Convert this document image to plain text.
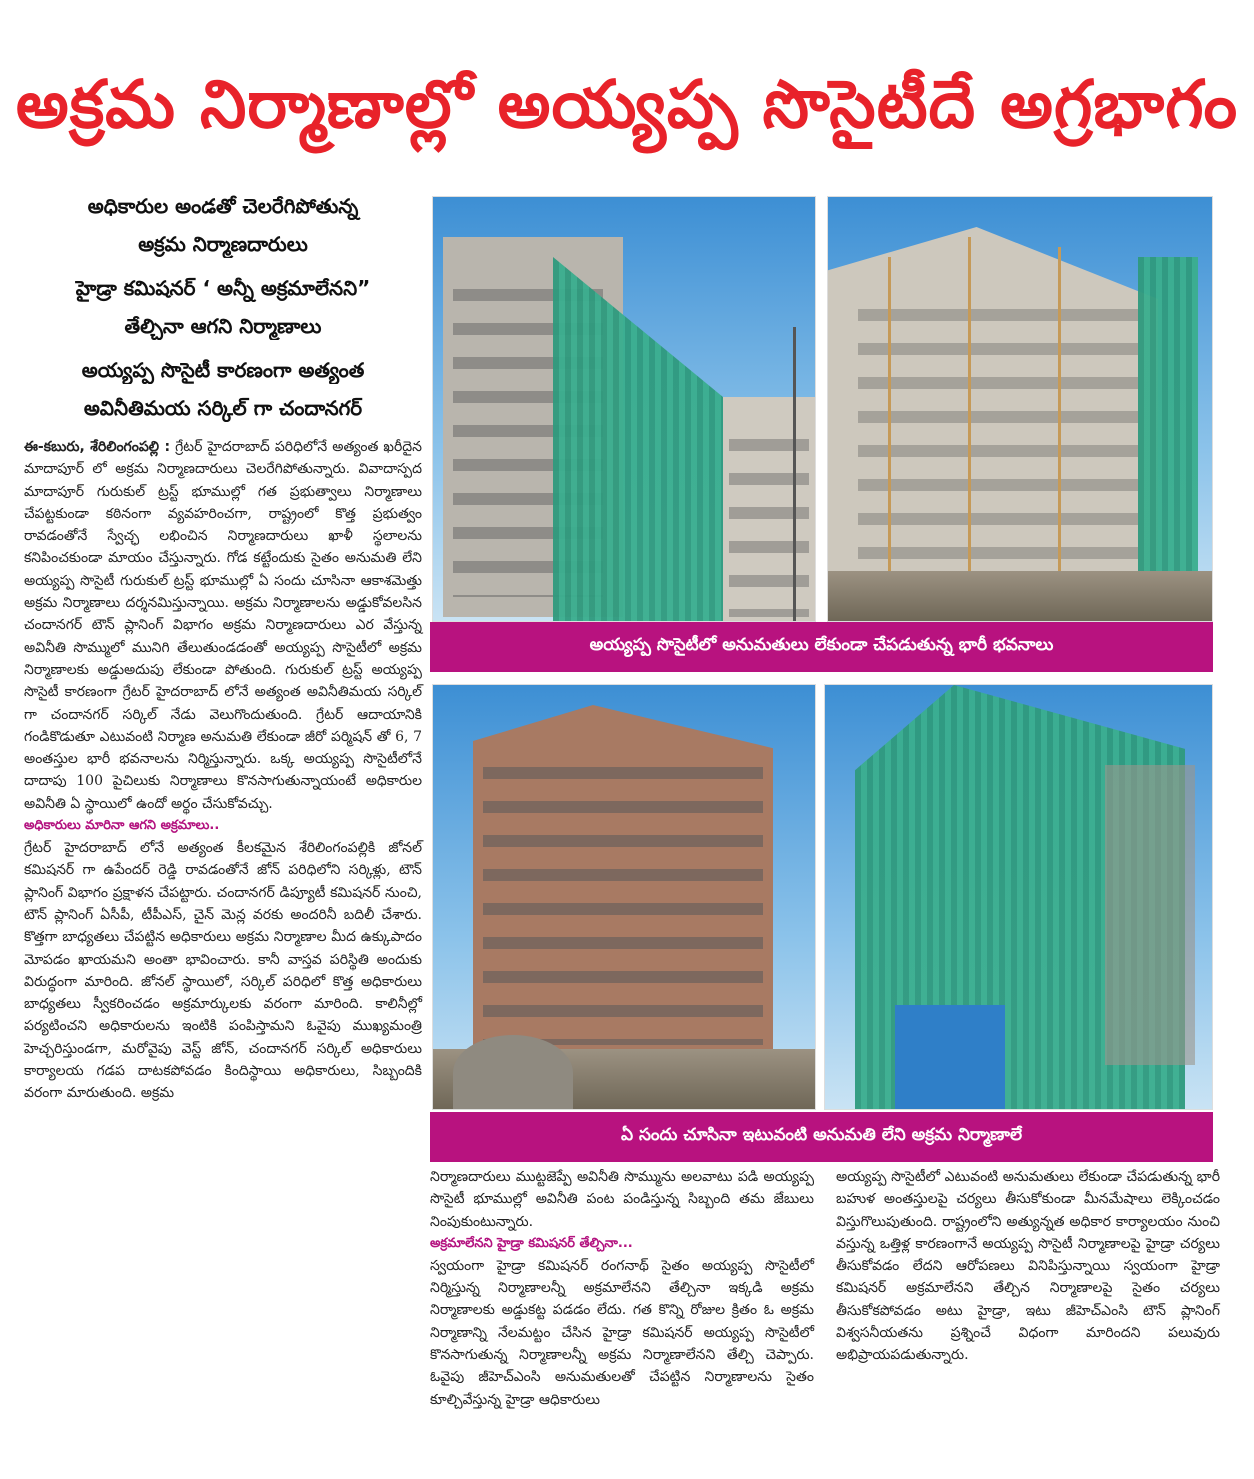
అక్రమ నిర్మాణాల్లో అయ్యప్ప సొసైటీదే అగ్రభాగం
అధికారుల అండతో చెలరేగిపోతున్న
అక్రమ నిర్మాణదారులు
హైడ్రా కమిషనర్ ‘ అన్నీ అక్రమాలేనని”
తేల్చినా ఆగని నిర్మాణాలు
అయ్యప్ప సొసైటీ కారణంగా అత్యంత
అవినీతిమయ సర్కిల్ గా చందానగర్

ఈ-కబురు, శేరిలింగంపల్లి : గ్రేటర్ హైదరాబాద్ పరిధిలోనే అత్యంత ఖరీదైన మాదాపూర్ లో అక్రమ నిర్మాణదారులు చెలరేగిపోతున్నారు. వివాదాస్పద మాదాపూర్ గురుకుల్ ట్రస్ట్ భూముల్లో గత ప్రభుత్వాలు నిర్మాణాలు చేపట్టకుండా కఠినంగా వ్యవహరించగా, రాష్ట్రంలో కొత్త ప్రభుత్వం రావడంతోనే స్వేచ్ఛ లభించిన నిర్మాణదారులు ఖాళీ స్థలాలను కనిపించకుండా మాయం చేస్తున్నారు. గోడ కట్టేందుకు సైతం అనుమతి లేని అయ్యప్ప సొసైటీ గురుకుల్ ట్రస్ట్ భూముల్లో ఏ సందు చూసినా ఆకాశమెత్తు అక్రమ నిర్మాణాలు దర్శనమిస్తున్నాయి. అక్రమ నిర్మాణాలను అడ్డుకోవలసిన చందానగర్ టౌన్ ప్లానింగ్ విభాగం అక్రమ నిర్మాణదారులు ఎర వేస్తున్న అవినీతి సొమ్ములో మునిగి తేలుతుండడంతో అయ్యప్ప సొసైటీలో అక్రమ నిర్మాణాలకు అడ్డుఅదుపు లేకుండా పోతుంది. గురుకుల్ ట్రస్ట్ అయ్యప్ప సొసైటీ కారణంగా గ్రేటర్ హైదరాబాద్ లోనే అత్యంత అవినీతిమయ సర్కిల్ గా చందానగర్ సర్కిల్ నేడు వెలుగొందుతుంది. గ్రేటర్ ఆదాయానికి గండికొడుతూ ఎటువంటి నిర్మాణ అనుమతి లేకుండా జీరో పర్మిషన్ తో 6, 7 అంతస్తుల భారీ భవనాలను నిర్మిస్తున్నారు. ఒక్క అయ్యప్ప సొసైటీలోనే దాదాపు 100 పైచిలుకు నిర్మాణాలు కొనసాగుతున్నాయంటే అధికారుల అవినీతి ఏ స్థాయిలో ఉందో అర్థం చేసుకోవచ్చు.

అధికారులు మారినా ఆగని అక్రమాలు..

గ్రేటర్ హైదరాబాద్ లోనే అత్యంత కీలకమైన శేరిలింగంపల్లికి జోనల్ కమిషనర్ గా ఉపేందర్ రెడ్డి రావడంతోనే జోన్ పరిధిలోని సర్కిళ్లు, టౌన్ ప్లానింగ్ విభాగం ప్రక్షాళన చేపట్టారు. చందానగర్ డిప్యూటీ కమిషనర్ నుంచి, టౌన్ ప్లానింగ్ ఏసీపీ, టీపీఎస్, చైన్ మెన్ల వరకు అందరినీ బదిలీ చేశారు. కొత్తగా బాధ్యతలు చేపట్టిన అధికారులు అక్రమ నిర్మాణాల మీద ఉక్కుపాదం మోపడం ఖాయమని అంతా భావించారు. కానీ వాస్తవ పరిస్థితి అందుకు విరుద్ధంగా మారింది. జోనల్ స్థాయిలో, సర్కిల్ పరిధిలో కొత్త అధికారులు బాధ్యతలు స్వీకరించడం అక్రమార్కులకు వరంగా మారింది. కాలినీల్లో పర్యటించని అధికారులను ఇంటికి పంపిస్తామని ఓవైపు ముఖ్యమంత్రి హెచ్చరిస్తుండగా, మరోవైపు వెస్ట్ జోన్, చందానగర్ సర్కిల్ అధికారులు కార్యాలయ గడప దాటకపోవడం కిందిస్థాయి అధికారులు, సిబ్బందికి వరంగా మారుతుంది. అక్రమ

అయ్యప్ప సొసైటీలో అనుమతులు లేకుండా చేపడుతున్న భారీ భవనాలు
ఏ సందు చూసినా ఇటువంటి అనుమతి లేని అక్రమ నిర్మాణాలే

నిర్మాణదారులు ముట్టజెప్పే అవినీతి సొమ్మును అలవాటు పడి అయ్యప్ప సొసైటీ భూముల్లో అవినీతి పంట పండిస్తున్న సిబ్బంది తమ జేబులు నింపుకుంటున్నారు.

అక్రమాలేనని హైడ్రా కమిషనర్ తేల్చినా...

స్వయంగా హైడ్రా కమిషనర్ రంగనాథ్ సైతం అయ్యప్ప సొసైటీలో నిర్మిస్తున్న నిర్మాణాలన్నీ అక్రమాలేనని తేల్చినా ఇక్కడి అక్రమ నిర్మాణాలకు అడ్డుకట్ట పడడం లేదు. గత కొన్ని రోజుల క్రితం ఓ అక్రమ నిర్మాణాన్ని నేలమట్టం చేసిన హైడ్రా కమిషనర్ అయ్యప్ప సొసైటీలో కొనసాగుతున్న నిర్మాణాలన్నీ అక్రమ నిర్మాణాలేనని తేల్చి చెప్పారు. ఓవైపు జీహెచ్ఎంసి అనుమతులతో చేపట్టిన నిర్మాణాలను సైతం కూల్చివేస్తున్న హైడ్రా ఆధికారులు

అయ్యప్ప సొసైటీలో ఎటువంటి అనుమతులు లేకుండా చేపడుతున్న భారీ బహుళ అంతస్తులపై చర్యలు తీసుకోకుండా మీనమేషాలు లెక్కించడం విస్తుగొలుపుతుంది. రాష్ట్రంలోని అత్యున్నత అధికార కార్యాలయం నుంచి వస్తున్న ఒత్తిళ్ల కారణంగానే అయ్యప్ప సొసైటీ నిర్మాణాలపై హైడ్రా చర్యలు తీసుకోవడం లేదని ఆరోపణలు వినిపిస్తున్నాయి స్వయంగా హైడ్రా కమిషనర్ అక్రమాలేనని తేల్చిన నిర్మాణాలపై సైతం చర్యలు తీసుకోకపోవడం అటు హైడ్రా, ఇటు జీహెచ్ఎంసి టౌన్ ప్లానింగ్ విశ్వసనీయతను ప్రశ్నించే విధంగా మారిందని పలువురు అభిప్రాయపడుతున్నారు.
